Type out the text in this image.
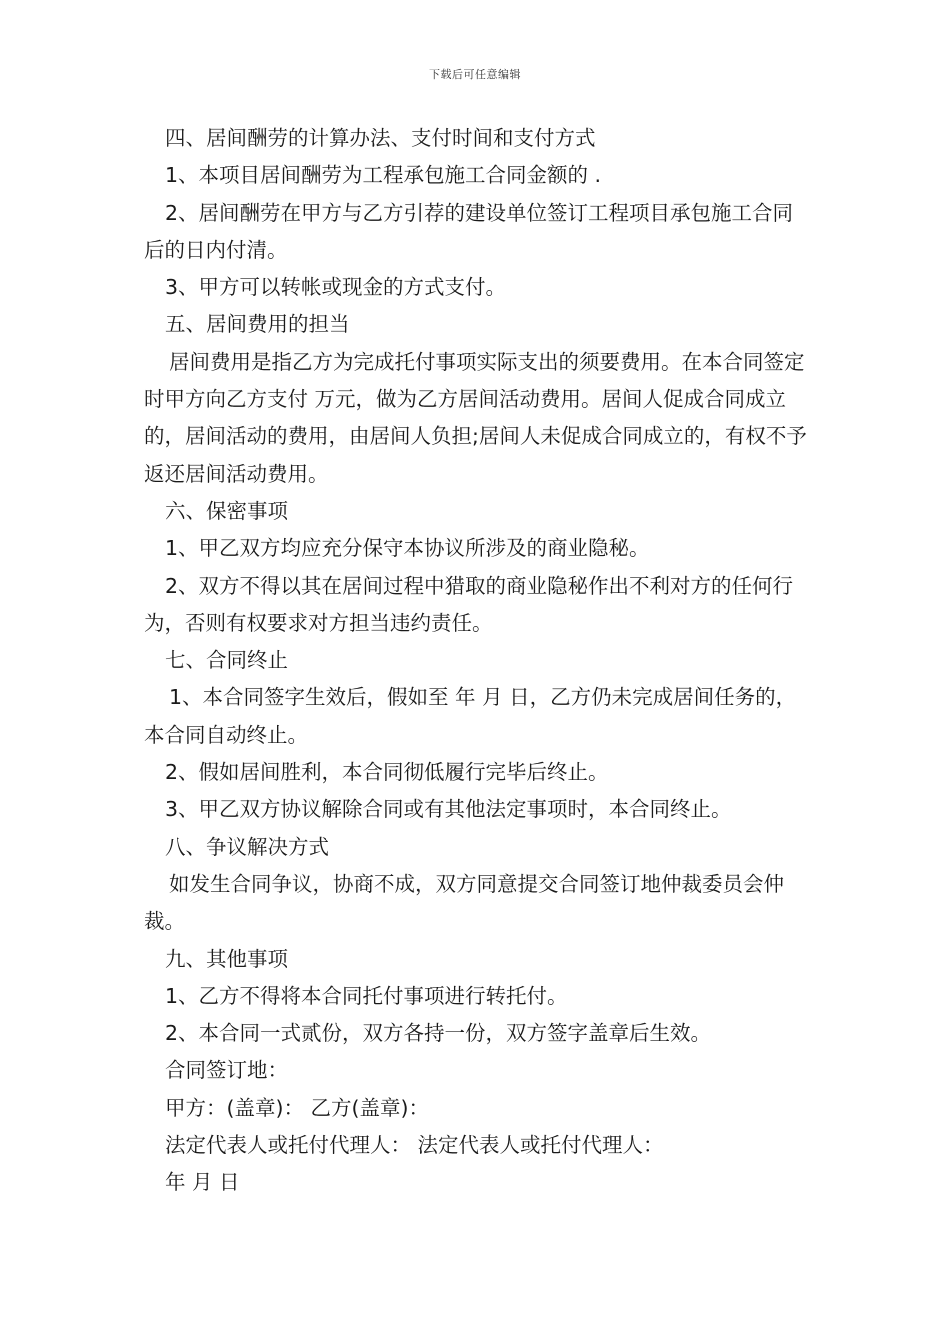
下载后可任意编辑

四、居间酬劳的计算办法、支付时间和支付方式

1、本项目居间酬劳为工程承包施工合同金额的 .

2、居间酬劳在甲方与乙方引荐的建设单位签订工程项目承包施工合同后的日内付清。

3、甲方可以转帐或现金的方式支付。

五、居间费用的担当

居间费用是指乙方为完成托付事项实际支出的须要费用。在本合同签定时甲方向乙方支付 万元，做为乙方居间活动费用。居间人促成合同成立的，居间活动的费用，由居间人负担;居间人未促成合同成立的，有权不予返还居间活动费用。

六、保密事项

1、甲乙双方均应充分保守本协议所涉及的商业隐秘。

2、双方不得以其在居间过程中猎取的商业隐秘作出不利对方的任何行为，否则有权要求对方担当违约责任。

七、合同终止

1、本合同签字生效后，假如至 年 月 日，乙方仍未完成居间任务的，本合同自动终止。

2、假如居间胜利，本合同彻低履行完毕后终止。

3、甲乙双方协议解除合同或有其他法定事项时，本合同终止。

八、争议解决方式

如发生合同争议，协商不成，双方同意提交合同签订地仲裁委员会仲裁。

九、其他事项

1、乙方不得将本合同托付事项进行转托付。

2、本合同一式贰份，双方各持一份，双方签字盖章后生效。

合同签订地：

甲方：(盖章)： 乙方(盖章)：

法定代表人或托付代理人： 法定代表人或托付代理人：

年 月 日
